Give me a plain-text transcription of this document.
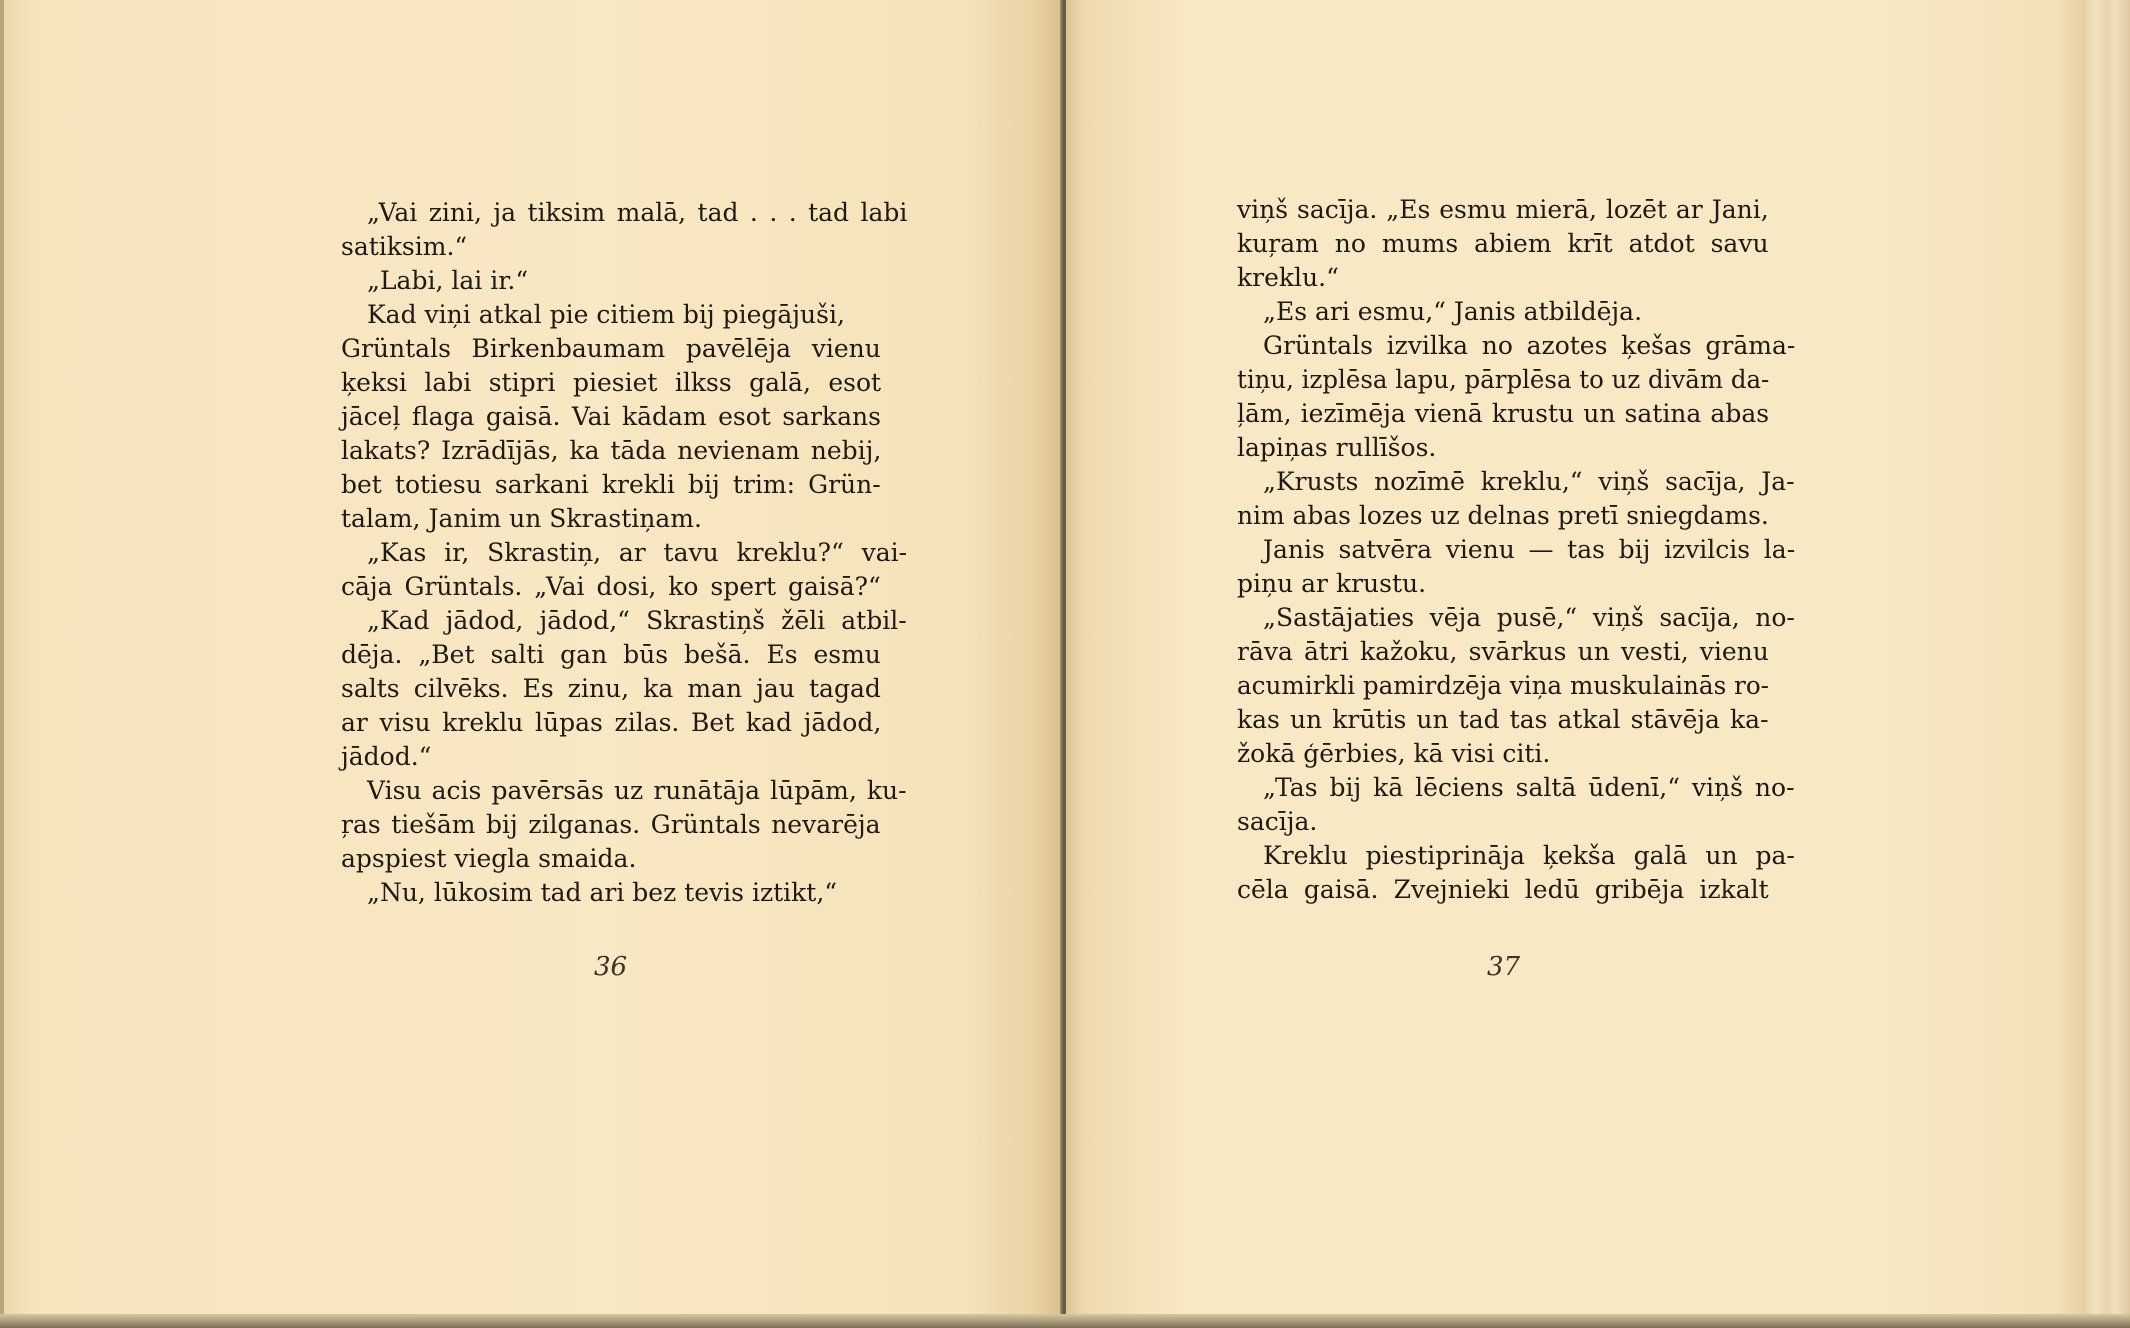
„Vai zini, ja tiksim malā, tad . . . tad labi
satiksim.“
„Labi, lai ir.“
Kad viņi atkal pie citiem bij piegājuši,
Grüntals Birkenbaumam pavēlēja vienu
ķeksi labi stipri piesiet ilkss galā, esot
jāceļ flaga gaisā. Vai kādam esot sarkans
lakats? Izrādījās, ka tāda nevienam nebij,
bet totiesu sarkani krekli bij trim: Grün-
talam, Janim un Skrastiņam.
„Kas ir, Skrastiņ, ar tavu kreklu?“ vai-
cāja Grüntals. „Vai dosi, ko spert gaisā?“
„Kad jādod, jādod,“ Skrastiņš žēli atbil-
dēja. „Bet salti gan būs bešā. Es esmu
salts cilvēks. Es zinu, ka man jau tagad
ar visu kreklu lūpas zilas. Bet kad jādod,
jādod.“
Visu acis pavērsās uz runātāja lūpām, ku-
ŗas tiešām bij zilganas. Grüntals nevarēja
apspiest viegla smaida.
„Nu, lūkosim tad ari bez tevis iztikt,“
viņš sacīja. „Es esmu mierā, lozēt ar Jani,
kuŗam no mums abiem krīt atdot savu
kreklu.“
„Es ari esmu,“ Janis atbildēja.
Grüntals izvilka no azotes ķešas grāma-
tiņu, izplēsa lapu, pārplēsa to uz divām da-
ļām, iezīmēja vienā krustu un satina abas
lapiņas rullīšos.
„Krusts nozīmē kreklu,“ viņš sacīja, Ja-
nim abas lozes uz delnas pretī sniegdams.
Janis satvēra vienu — tas bij izvilcis la-
piņu ar krustu.
„Sastājaties vēja pusē,“ viņš sacīja, no-
rāva ātri kažoku, svārkus un vesti, vienu
acumirkli pamirdzēja viņa muskulainās ro-
kas un krūtis un tad tas atkal stāvēja ka-
žokā ģērbies, kā visi citi.
„Tas bij kā lēciens saltā ūdenī,“ viņš no-
sacīja.
Kreklu piestiprināja ķekša galā un pa-
cēla gaisā. Zvejnieki ledū gribēja izkalt
36	37
